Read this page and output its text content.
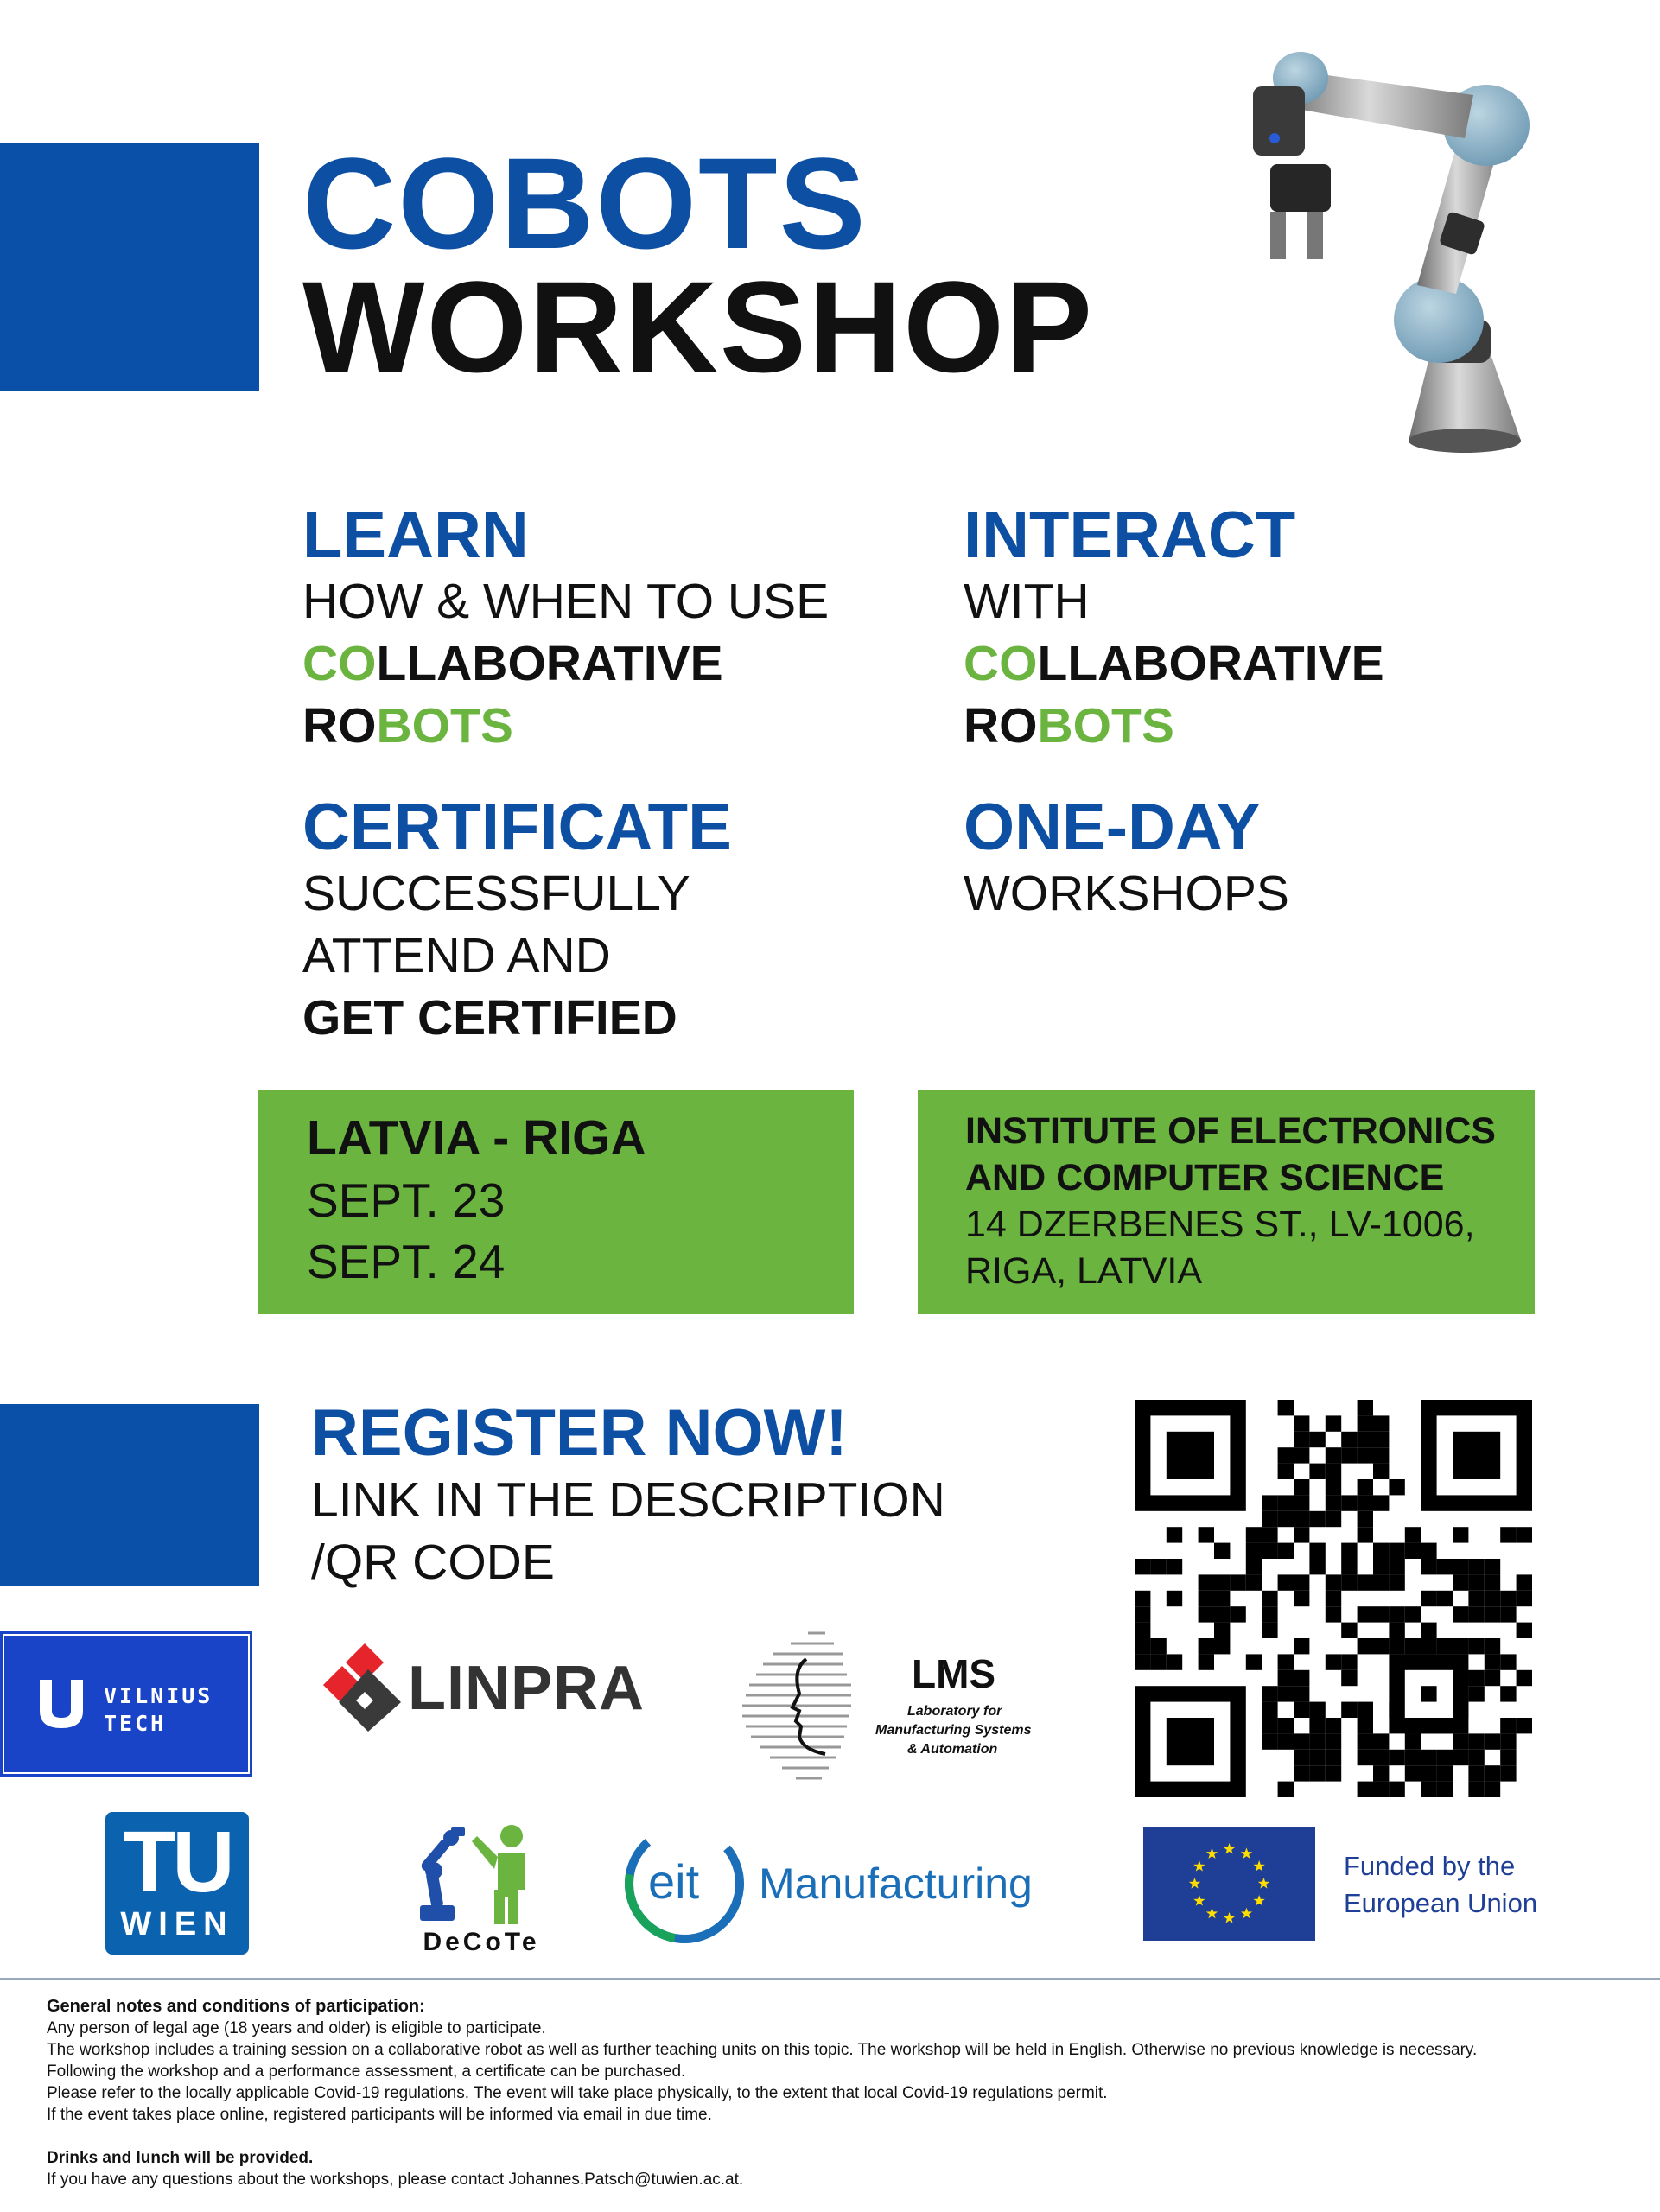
COBOTS
WORKSHOP
LEARN
HOW & WHEN TO USE
COLLABORATIVE
ROBOTS
INTERACT
WITH
COLLABORATIVE
ROBOTS
CERTIFICATE
SUCCESSFULLY
ATTEND AND
GET CERTIFIED
ONE-DAY
WORKSHOPS
LATVIA - RIGA
SEPT. 23
SEPT. 24
INSTITUTE OF ELECTRONICS
AND COMPUTER SCIENCE
14 DZERBENES ST., LV-1006,
RIGA, LATVIA
REGISTER NOW!
LINK IN THE DESCRIPTION
/QR CODE
VILNIUS
TECH
LINPRA	LMS
Laboratory for
Manufacturing Systems
& Automation
TU
WIEN	DeCoTe
eit Manufacturing	Funded by the
European Union
General notes and conditions of participation:
Any person of legal age (18 years and older) is eligible to participate.
The workshop includes a training session on a collaborative robot as well as further teaching units on this topic. The workshop will be held in English. Otherwise no previous knowledge is necessary.
Following the workshop and a performance assessment, a certificate can be purchased.
Please refer to the locally applicable Covid-19 regulations. The event will take place physically, to the extent that local Covid-19 regulations permit.
If the event takes place online, registered participants will be informed via email in due time.
Drinks and lunch will be provided.
If you have any questions about the workshops, please contact Johannes.Patsch@tuwien.ac.at.
